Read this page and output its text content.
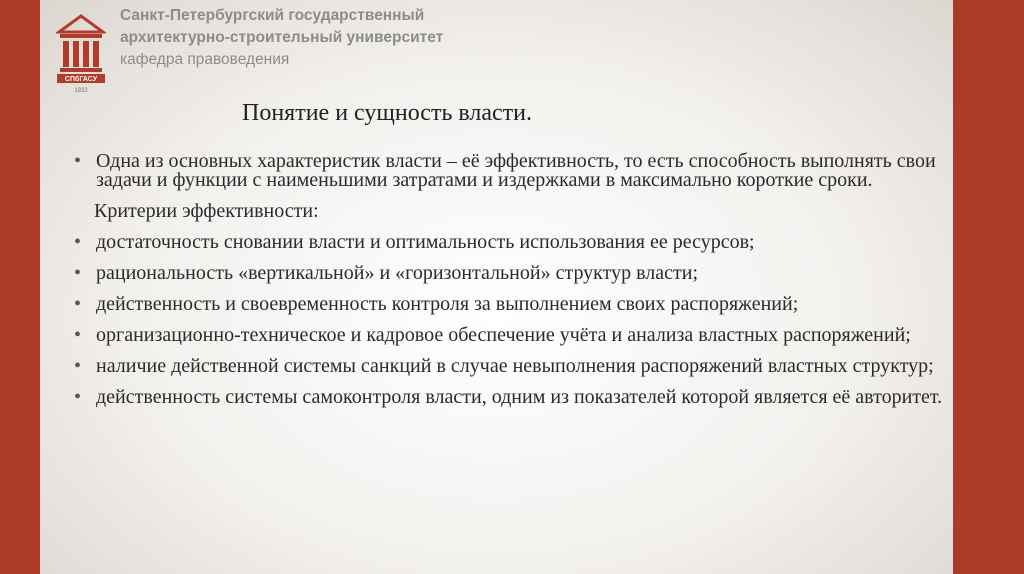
СПбГАСУ
1832
Санкт-Петербургский государственный
архитектурно-строительный университет
кафедра правоведения
Понятие и сущность власти.
• Одна из основных характеристик власти – её эффективность, то есть способность выполнять свои задачи и функции с наименьшими затратами и издержками в максимально короткие сроки.
Критерии эффективности:
• достаточность сновании власти и оптимальность использования ее ресурсов;
• рациональность «вертикальной» и «горизонтальной» структур власти;
• действенность и своевременность контроля за выполнением своих распоряжений;
• организационно-техническое и кадровое обеспечение учёта и анализа властных распоряжений;
• наличие действенной системы санкций в случае невыполнения распоряжений властных структур;
• действенность системы самоконтроля власти, одним из показателей которой является её авторитет.
